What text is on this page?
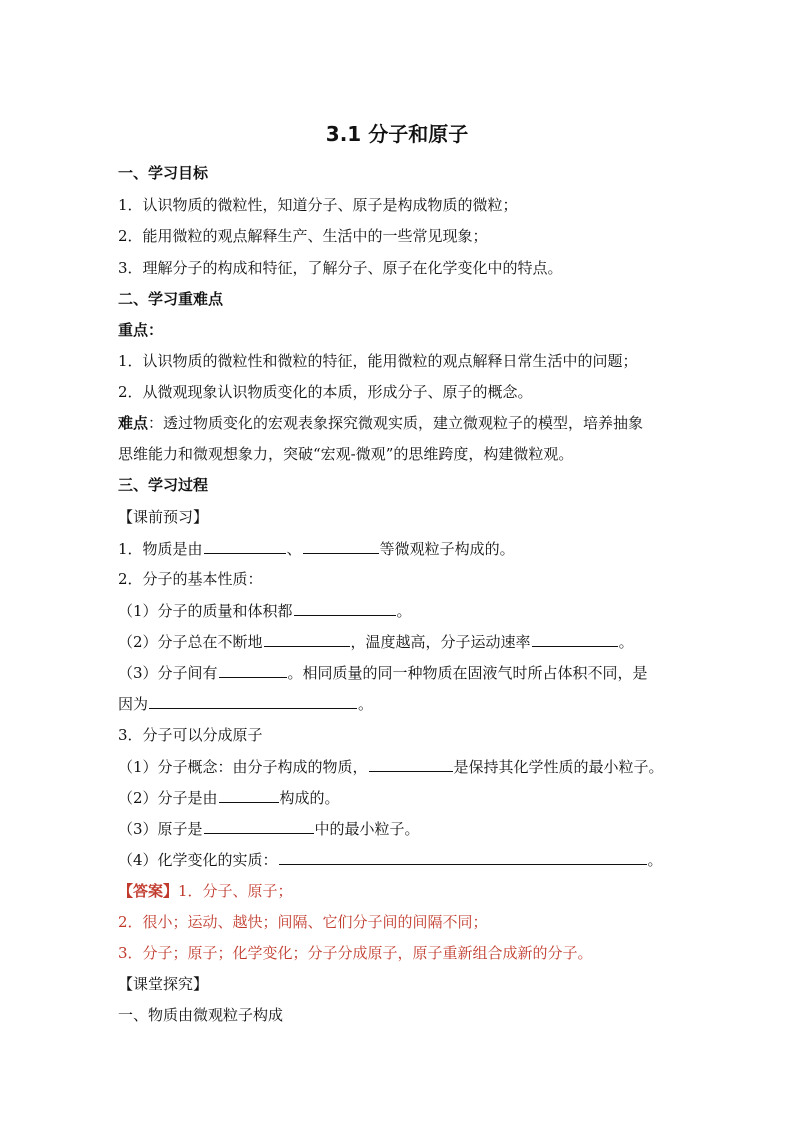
3.1 分子和原子
一、学习目标
1．认识物质的微粒性，知道分子、原子是构成物质的微粒；
2．能用微粒的观点解释生产、生活中的一些常见现象；
3．理解分子的构成和特征，了解分子、原子在化学变化中的特点。
二、学习重难点
重点：
1．认识物质的微粒性和微粒的特征，能用微粒的观点解释日常生活中的问题；
2．从微观现象认识物质变化的本质，形成分子、原子的概念。
难点：透过物质变化的宏观表象探究微观实质，建立微观粒子的模型，培养抽象
思维能力和微观想象力，突破“宏观-微观”的思维跨度，构建微粒观。
三、学习过程
【课前预习】
1．物质是由	、	等微观粒子构成的。
2．分子的基本性质：
（1）分子的质量和体积都	。
（2）分子总在不断地	，温度越高，分子运动速率	。
（3）分子间有	。相同质量的同一种物质在固液气时所占体积不同，是
因为	。
3．分子可以分成原子
（1）分子概念：由分子构成的物质，	是保持其化学性质的最小粒子。
（2）分子是由	构成的。
（3）原子是	中的最小粒子。
（4）化学变化的实质：	。
【答案】1．分子、原子；
2．很小；运动、越快；间隔、它们分子间的间隔不同；
3．分子；原子；化学变化；分子分成原子，原子重新组合成新的分子。
【课堂探究】
一、物质由微观粒子构成
